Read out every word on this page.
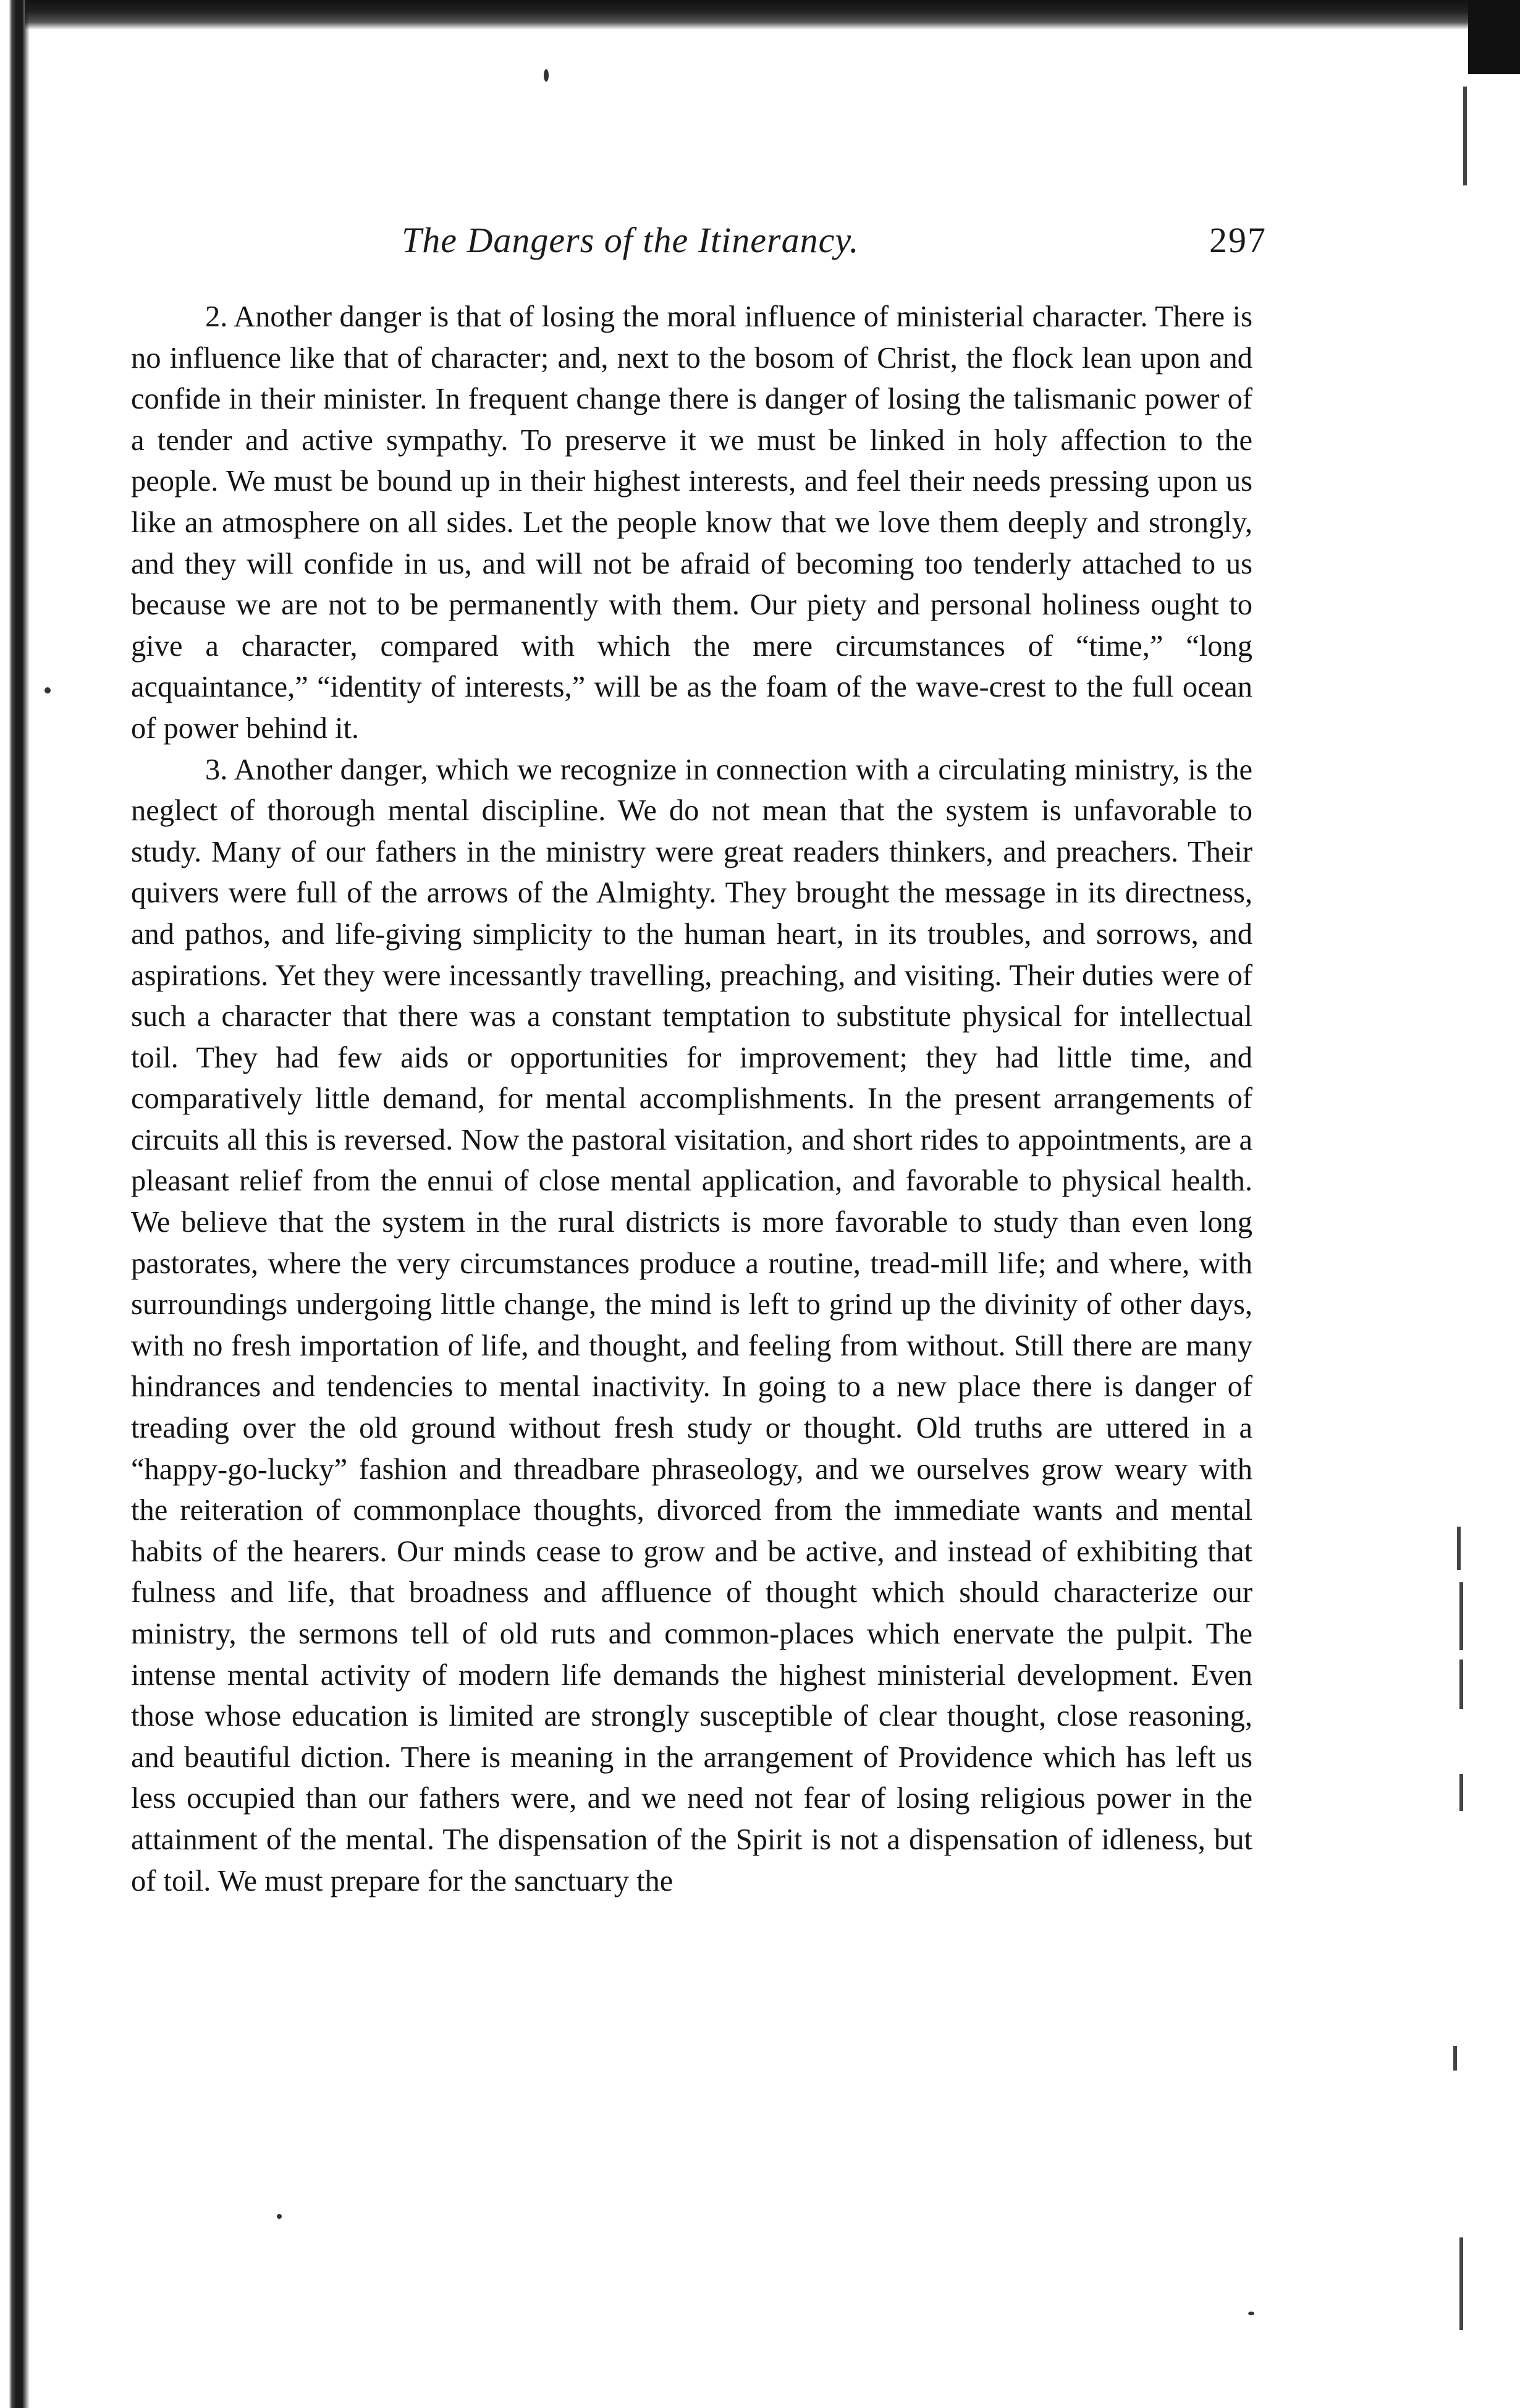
The Dangers of the Itinerancy.	297

2. Another danger is that of losing the moral influence of ministerial character. There is no influence like that of character; and, next to the bosom of Christ, the flock lean upon and confide in their minister. In frequent change there is danger of losing the talismanic power of a tender and active sympathy. To preserve it we must be linked in holy affection to the people. We must be bound up in their highest interests, and feel their needs pressing upon us like an atmosphere on all sides. Let the people know that we love them deeply and strongly, and they will confide in us, and will not be afraid of becoming too tenderly attached to us because we are not to be permanently with them. Our piety and personal holiness ought to give a character, compared with which the mere circumstances of “time,” “long acquaintance,” “identity of interests,” will be as the foam of the wave-crest to the full ocean of power behind it.

3. Another danger, which we recognize in connection with a circulating ministry, is the neglect of thorough mental discipline. We do not mean that the system is unfavorable to study. Many of our fathers in the ministry were great readers thinkers, and preachers. Their quivers were full of the arrows of the Almighty. They brought the message in its directness, and pathos, and life-giving simplicity to the human heart, in its troubles, and sorrows, and aspirations. Yet they were incessantly travelling, preaching, and visiting. Their duties were of such a character that there was a constant temptation to substitute physical for intellectual toil. They had few aids or opportunities for improvement; they had little time, and comparatively little demand, for mental accomplishments. In the present arrangements of circuits all this is reversed. Now the pastoral visitation, and short rides to appointments, are a pleasant relief from the ennui of close mental application, and favorable to physical health. We believe that the system in the rural districts is more favorable to study than even long pastorates, where the very circumstances produce a routine, tread-mill life; and where, with surroundings undergoing little change, the mind is left to grind up the divinity of other days, with no fresh importation of life, and thought, and feeling from without. Still there are many hindrances and tendencies to mental inactivity. In going to a new place there is danger of treading over the old ground without fresh study or thought. Old truths are uttered in a “happy-go-lucky” fashion and threadbare phraseology, and we ourselves grow weary with the reiteration of commonplace thoughts, divorced from the immediate wants and mental habits of the hearers. Our minds cease to grow and be active, and instead of exhibiting that fulness and life, that broadness and affluence of thought which should characterize our ministry, the sermons tell of old ruts and common-places which enervate the pulpit. The intense mental activity of modern life demands the highest ministerial development. Even those whose education is limited are strongly susceptible of clear thought, close reasoning, and beautiful diction. There is meaning in the arrangement of Providence which has left us less occupied than our fathers were, and we need not fear of losing religious power in the attainment of the mental. The dispensation of the Spirit is not a dispensation of idleness, but of toil. We must prepare for the sanctuary the
